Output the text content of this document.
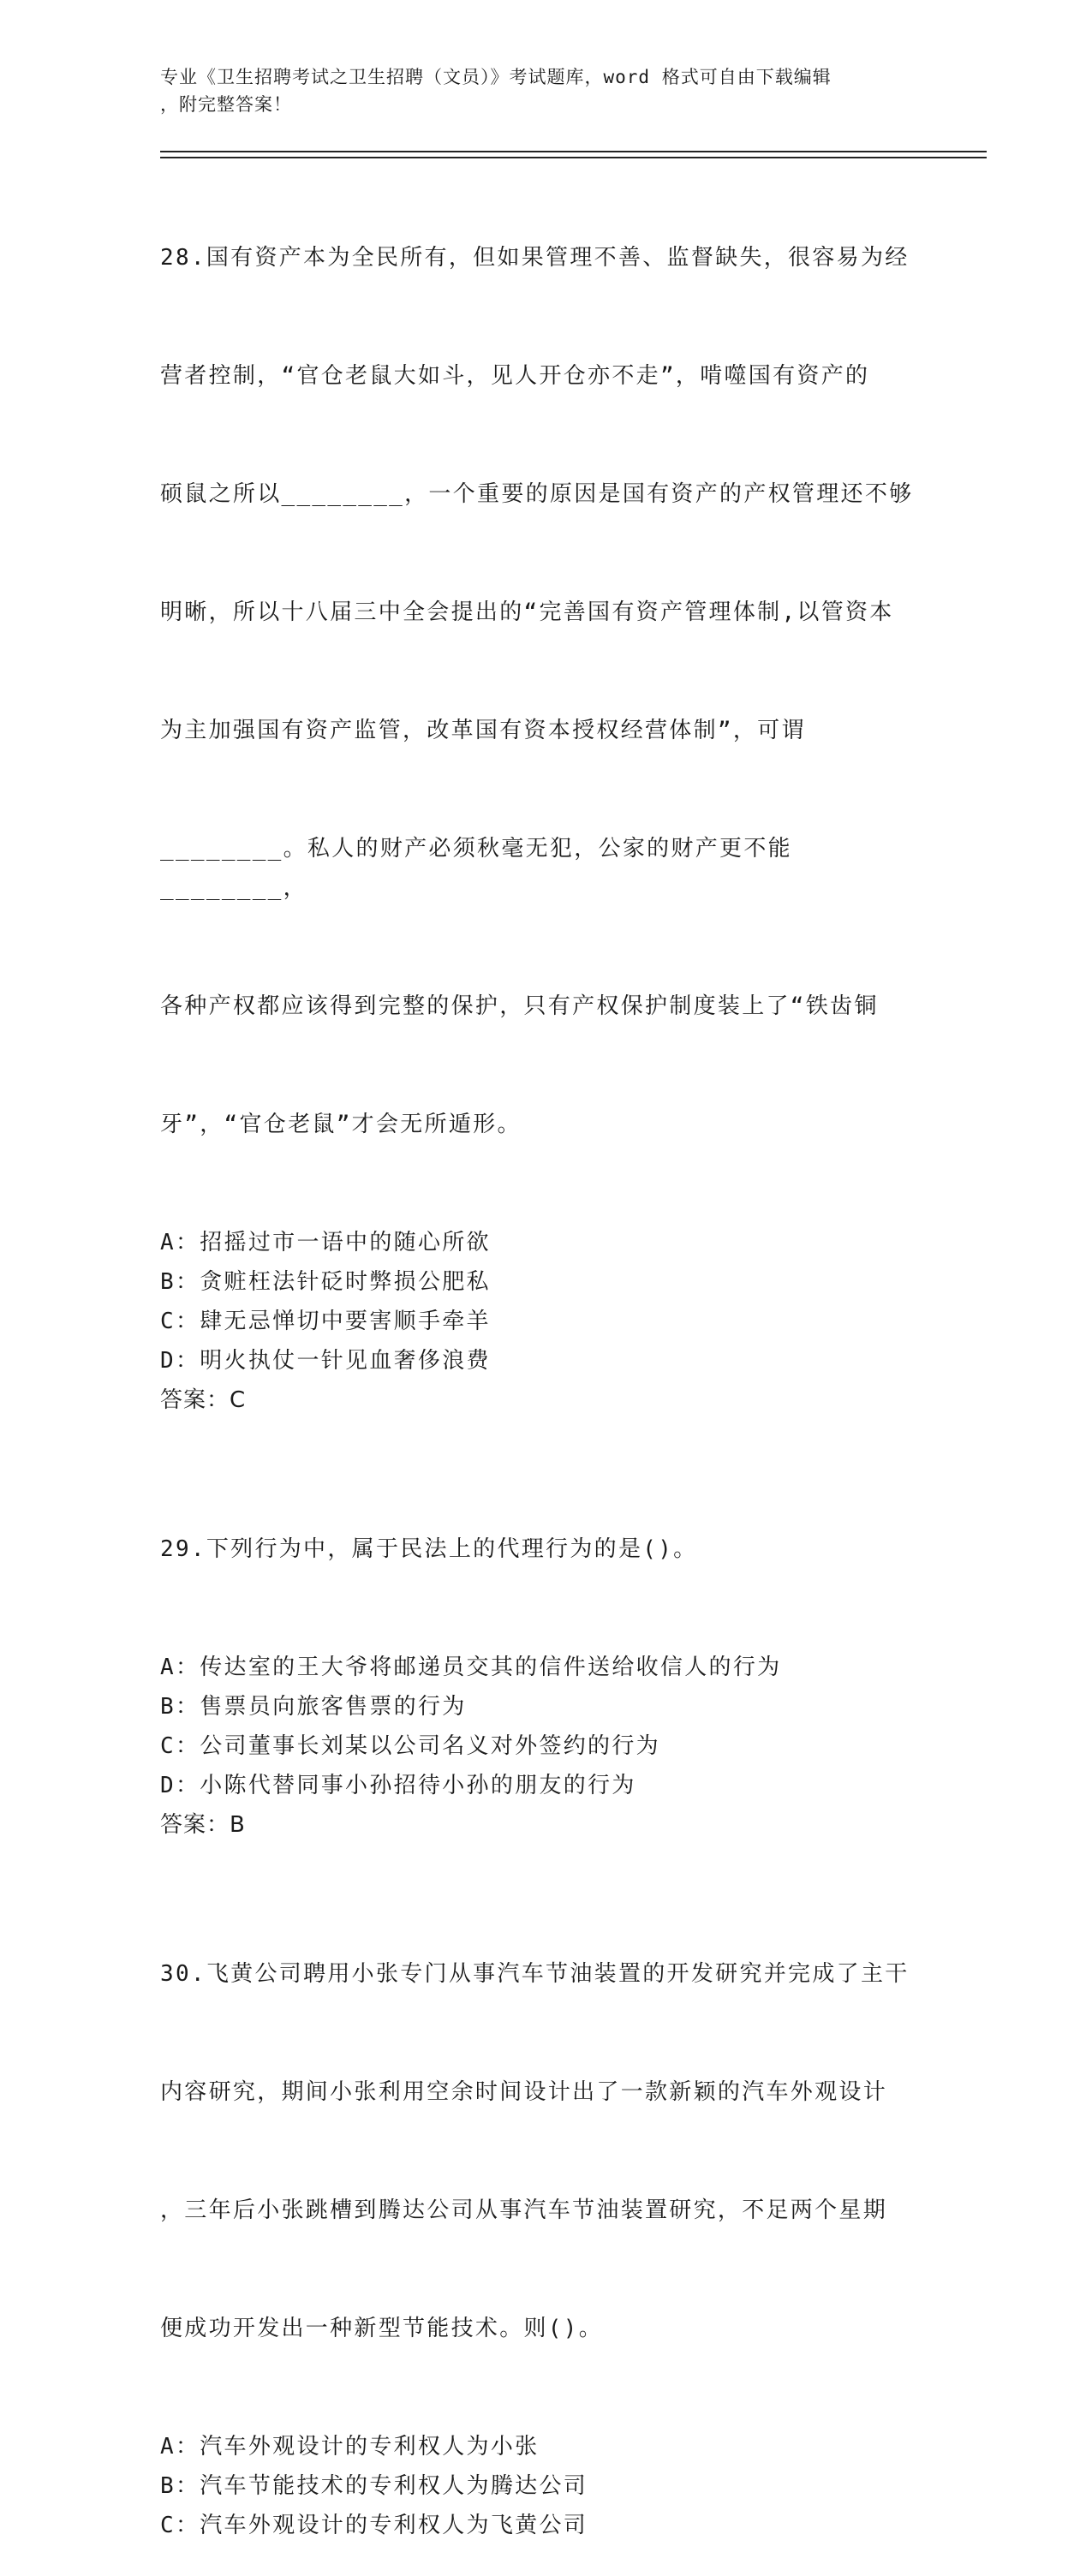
专业《卫生招聘考试之卫生招聘（文员）》考试题库，word 格式可自由下载编辑
，附完整答案！

28.国有资产本为全民所有，但如果管理不善、监督缺失，很容易为经

营者控制，“官仓老鼠大如斗，见人开仓亦不走”，啃噬国有资产的

硕鼠之所以________，一个重要的原因是国有资产的产权管理还不够

明晰，所以十八届三中全会提出的“完善国有资产管理体制,以管资本

为主加强国有资产监管，改革国有资本授权经营体制”，可谓

________。私人的财产必须秋毫无犯，公家的财产更不能________，

各种产权都应该得到完整的保护，只有产权保护制度装上了“铁齿铜

牙”，“官仓老鼠”才会无所遁形。

A：招摇过市一语中的随心所欲
B：贪赃枉法针砭时弊损公肥私
C：肆无忌惮切中要害顺手牵羊
D：明火执仗一针见血奢侈浪费
答案：C

29.下列行为中，属于民法上的代理行为的是()。

A：传达室的王大爷将邮递员交其的信件送给收信人的行为
B：售票员向旅客售票的行为
C：公司董事长刘某以公司名义对外签约的行为
D：小陈代替同事小孙招待小孙的朋友的行为
答案：B

30.飞黄公司聘用小张专门从事汽车节油装置的开发研究并完成了主干

内容研究，期间小张利用空余时间设计出了一款新颖的汽车外观设计

，三年后小张跳槽到腾达公司从事汽车节油装置研究，不足两个星期

便成功开发出一种新型节能技术。则()。

A：汽车外观设计的专利权人为小张
B：汽车节能技术的专利权人为腾达公司
C：汽车外观设计的专利权人为飞黄公司
